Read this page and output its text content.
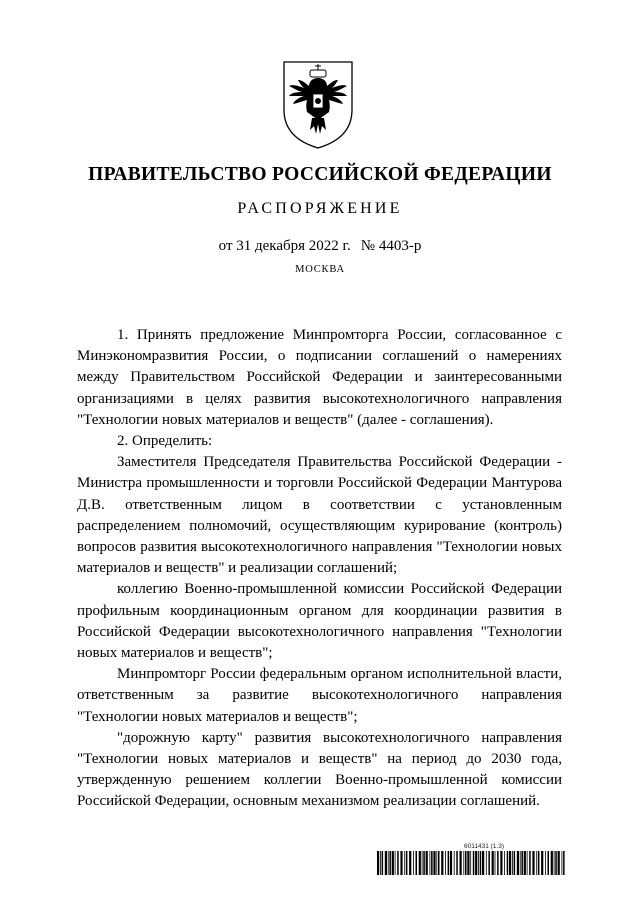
ПРАВИТЕЛЬСТВО РОССИЙСКОЙ ФЕДЕРАЦИИ
РАСПОРЯЖЕНИЕ
от 31 декабря 2022 г. № 4403-р
МОСКВА

1. Принять предложение Минпромторга России, согласованное с Минэкономразвития России, о подписании соглашений о намерениях между Правительством Российской Федерации и заинтересованными организациями в целях развития высокотехнологичного направления "Технологии новых материалов и веществ" (далее - соглашения).

2. Определить:

Заместителя Председателя Правительства Российской Федерации - Министра промышленности и торговли Российской Федерации Мантурова Д.В. ответственным лицом в соответствии с установленным распределением полномочий, осуществляющим курирование (контроль) вопросов развития высокотехнологичного направления "Технологии новых материалов и веществ" и реализации соглашений;

коллегию Военно-промышленной комиссии Российской Федерации профильным координационным органом для координации развития в Российской Федерации высокотехнологичного направления "Технологии новых материалов и веществ";

Минпромторг России федеральным органом исполнительной власти, ответственным за развитие высокотехнологичного направления "Технологии новых материалов и веществ";

"дорожную карту" развития высокотехнологичного направления "Технологии новых материалов и веществ" на период до 2030 года, утвержденную решением коллегии Военно-промышленной комиссии Российской Федерации, основным механизмом реализации соглашений.

6011431 (1.3)
